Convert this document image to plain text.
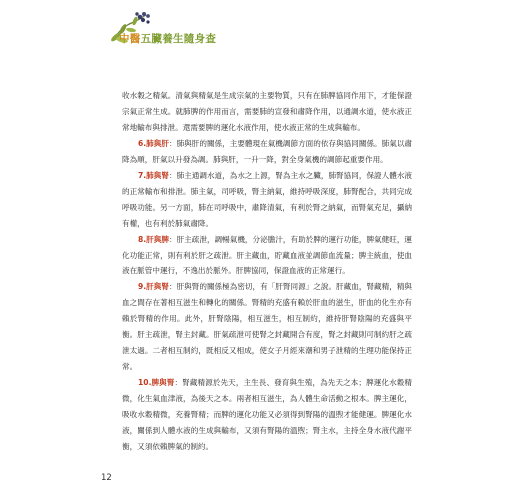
中醫五臟養生隨身查

收水穀之精氣。清氣與精氣是生成宗氣的主要物質，只有在肺脾協同作用下，才能保證宗氣正常生成。就肺脾的作用而言，需要肺的宣發和肅降作用，以通調水道，使水液正常地輸布與排泄。還需要脾的運化水液作用，使水液正常的生成與輸布。

6.肺與肝：肺與肝的關係，主要體現在氣機調節方面的依存與協同關係。肺氣以肅降為順，肝氣以升發為調。肺與肝，一升一降，對全身氣機的調節起重要作用。

7.肺與腎：肺主通調水道，為水之上源，腎為主水之臟，肺腎協同，保證人體水液的正常輸布和排泄。肺主氣，司呼吸，腎主納氣，維持呼吸深度，肺腎配合，共同完成呼吸功能。另一方面，肺在司呼吸中，肅降清氣，有利於腎之納氣，而腎氣充足，攝納有權，也有利於肺氣肅降。

8.肝與脾：肝主疏泄，調暢氣機，分泌膽汁，有助於脾的運行功能，脾氣健旺，運化功能正常，則有利於肝之疏泄。肝主藏血，貯藏血液並調節血流量；脾主統血，使血液在脈管中運行，不逸出於脈外。肝脾協同，保證血液的正常運行。

9.肝與腎：肝與腎的關係極為密切，有「肝腎同源」之說。肝藏血，腎藏精，精與血之間存在著相互滋生和轉化的關係。腎精的充盛有賴於肝血的滋生，肝血的化生亦有賴於腎精的作用。此外，肝腎陰陽，相互滋生，相互制約，維持肝腎陰陽的充盛與平衡。肝主疏泄，腎主封藏。肝氣疏泄可使腎之封藏開合有度，腎之封藏則可制約肝之疏泄太過。二者相互制約，既相反又相成，使女子月經來潮和男子泄精的生理功能保持正常。

10.脾與腎：腎藏精源於先天，主生長、發育與生殖，為先天之本；脾運化水穀精微，化生氣血津液，為後天之本。兩者相互滋生，為人體生命活動之根本。脾主運化，吸收水穀精微，充養腎精；而脾的運化功能又必須得到腎陽的溫煦才能健運。脾運化水液，關係到人體水液的生成與輸布，又須有腎陽的溫煦；腎主水，主持全身水液代謝平衡，又須依賴脾氣的制約。

12
